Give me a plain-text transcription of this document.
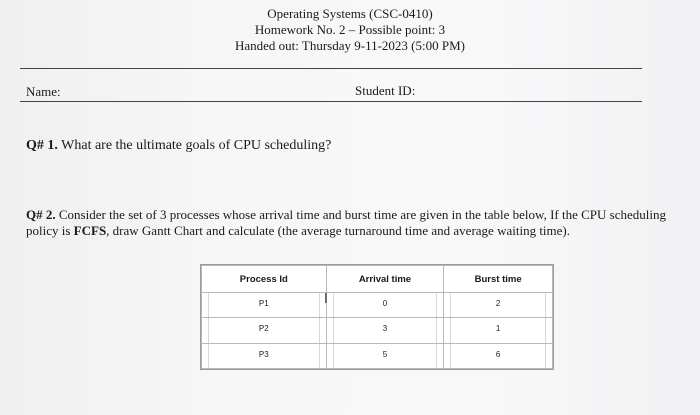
Operating Systems (CSC-0410)
Homework No. 2 – Possible point: 3
Handed out: Thursday 9-11-2023 (5:00 PM)
Name:	Student ID:
Q# 1. What are the ultimate goals of CPU scheduling?
Q# 2. Consider the set of 3 processes whose arrival time and burst time are given in the table below, If the CPU scheduling policy is FCFS, draw Gantt Chart and calculate (the average turnaround time and average waiting time).
Process Id	Arrival time	Burst time

P1	0	2

P2	3	1

P3	5	6
I
